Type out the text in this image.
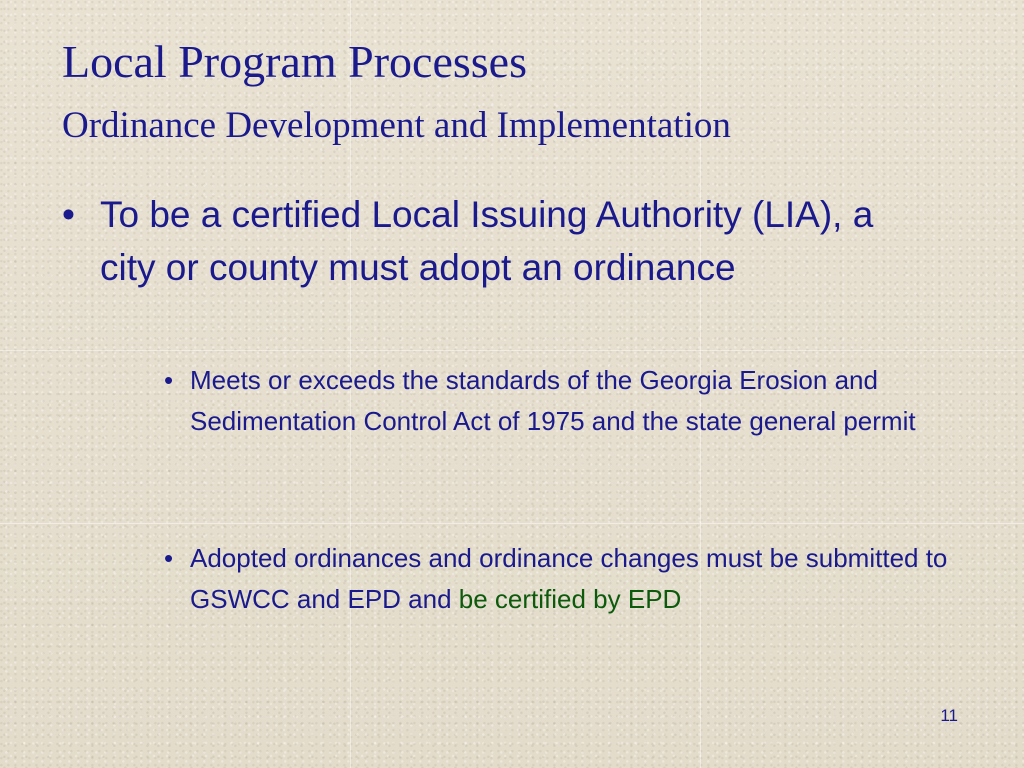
Local Program Processes
Ordinance Development and Implementation
• To be a certified Local Issuing Authority (LIA), a city or county must adopt an ordinance
• Meets or exceeds the standards of the Georgia Erosion and Sedimentation Control Act of 1975 and the state general permit
• Adopted ordinances and ordinance changes must be submitted to GSWCC and EPD and be certified by EPD
11
